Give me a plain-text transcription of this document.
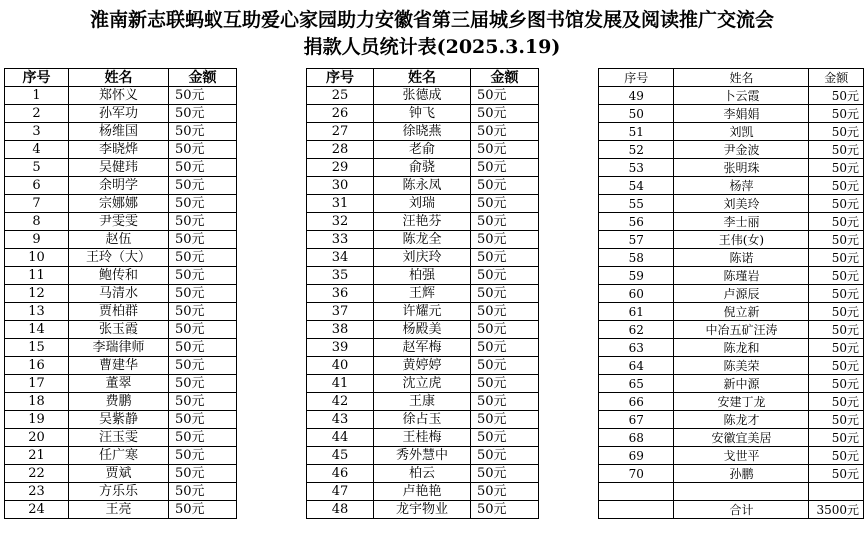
淮南新志联蚂蚁互助爱心家园助力安徽省第三届城乡图书馆发展及阅读推广交流会
捐款人员统计表(2025.3.19)
序号	姓名	金额
1	郑怀义	50元
2	孙军功	50元
3	杨维国	50元
4	李晓烨	50元
5	吴健玮	50元
6	余明学	50元
7	宗娜娜	50元
8	尹雯雯	50元
9	赵伍	50元
10	王玲（大）	50元
11	鲍传和	50元
12	马清水	50元
13	贾柏群	50元
14	张玉霞	50元
15	李瑞律师	50元
16	曹建华	50元
17	董翠	50元
18	费鹏	50元
19	吴紫静	50元
20	汪玉雯	50元
21	任广寒	50元
22	贾斌	50元
23	方乐乐	50元
24	王亮	50元
序号	姓名	金额
25	张德成	50元
26	钟飞	50元
27	徐晓燕	50元
28	老俞	50元
29	俞骁	50元
30	陈永凤	50元
31	刘瑞	50元
32	汪艳芬	50元
33	陈龙全	50元
34	刘庆玲	50元
35	柏强	50元
36	王辉	50元
37	许耀元	50元
38	杨殿美	50元
39	赵军梅	50元
40	黄婷婷	50元
41	沈立虎	50元
42	王康	50元
43	徐占玉	50元
44	王桂梅	50元
45	秀外慧中	50元
46	柏云	50元
47	卢艳艳	50元
48	龙宇物业	50元
序号	姓名	金额
49	卜云霞	50元
50	李娟娟	50元
51	刘凯	50元
52	尹金波	50元
53	张明珠	50元
54	杨萍	50元
55	刘美玲	50元
56	李士丽	50元
57	王伟(女)	50元
58	陈诺	50元
59	陈瑾岩	50元
60	卢源辰	50元
61	倪立新	50元
62	中冶五矿汪涛	50元
63	陈龙和	50元
64	陈美荣	50元
65	新中源	50元
66	安建丁龙	50元
67	陈龙才	50元
68	安徽宜美居	50元
69	戈世平	50元
70	孙鹏	50元

	合计	3500元
